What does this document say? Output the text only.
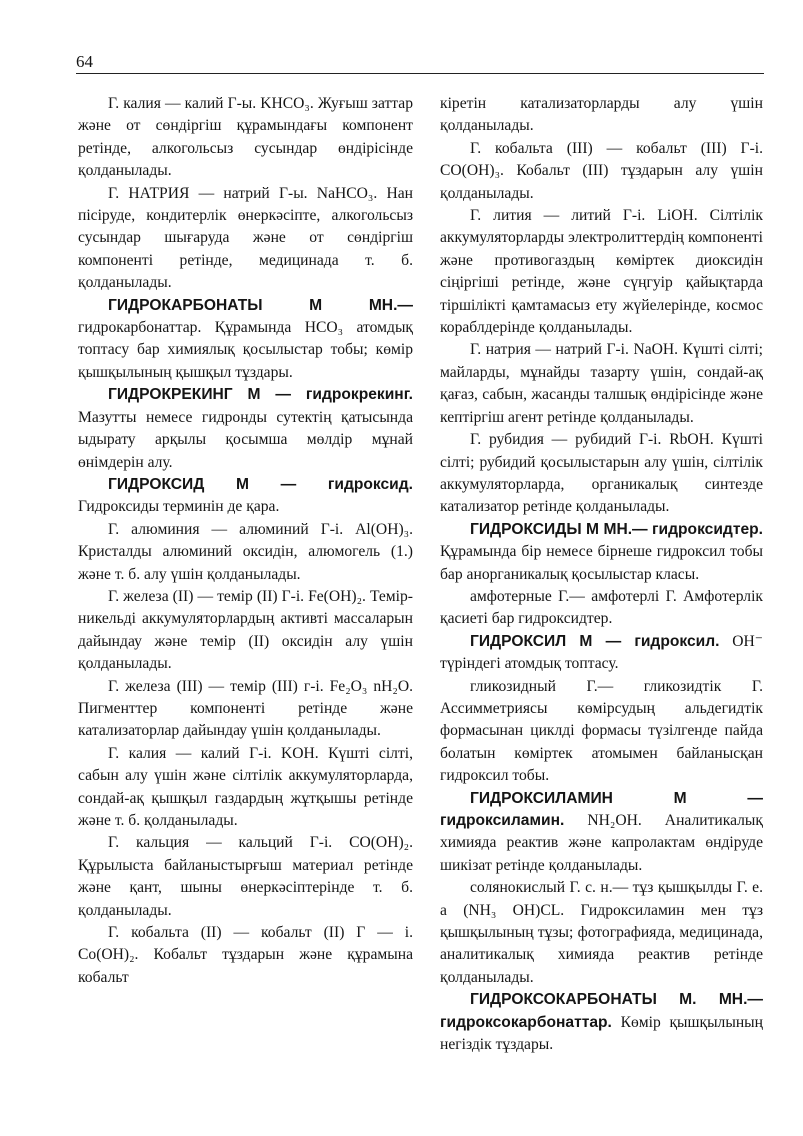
64

Г. калия — калий Г-ы. KHCO₃. Жуғыш заттар және от сөндіргіш құрамындағы компонент ретінде, алкогольсыз сусындар өндірісінде қолданылады.

Г. НАТРИЯ — натрий Г-ы. NaHCO₃. Нан пісіруде, кондитерлік өнеркәсіпте, алкогольсыз сусындар шығаруда және от сөндіргіш компоненті ретінде, медицинада т. б. қолданылады.

ГИДРОКАРБОНАТЫ М МН.— гидрокарбонаттар. Құрамында HCO₃ атомдық топтасу бар химиялық қосылыстар тобы; көмір қышқылының қышқыл тұздары.

ГИДРОКРЕКИНГ М — гидрокрекинг. Мазутты немесе гидронды сутектің қатысында ыдырату арқылы қосымша мөлдір мұнай өнімдерін алу.

ГИДРОКСИД М — гидроксид. Гидроксиды терминін де қара.

Г. алюминия — алюминий Г-і. Al(OH)₃. Кристалды алюминий оксидін, алюмогель (1.) және т. б. алу үшін қолданылады.

Г. железа (II) — темір (II) Г-і. Fe(OH)₂. Темір-никельді аккумуляторлардың активті массаларын дайындау және темір (II) оксидін алу үшін қолданылады.

Г. железа (III) — темір (III) г-і. Fe₂O₃ nH₂O. Пигменттер компоненті ретінде және катализаторлар дайындау үшін қолданылады.

Г. калия — калий Г-і. KOH. Күшті сілті, сабын алу үшін және сілтілік аккумуляторларда, сондай-ақ қышқыл газдардың жұтқышы ретінде және т. б. қолданылады.

Г. кальция — кальций Г-і. CO(OH)₂. Құрылыста байланыстырғыш материал ретінде және қант, шыны өнеркәсіптерінде т. б. қолданылады.

Г. кобальта (II) — кобальт (II) Г — і. Co(OH)₂. Кобальт тұздарын және құрамына кобальт

кіретін катализаторларды алу үшін қолданылады.

Г. кобальта (III) — кобальт (III) Г-і. CO(OH)₃. Кобальт (III) тұздарын алу үшін қолданылады.

Г. лития — литий Г-і. LiOH. Сілтілік аккумуляторларды электролиттердің компоненті және противогаздың көміртек диоксидін сіңіргіші ретінде, және сүңгуір қайықтарда тіршілікті қамтамасыз ету жүйелерінде, космос кораблдерінде қолданылады.

Г. натрия — натрий Г-і. NaOH. Күшті сілті; майларды, мұнайды тазарту үшін, сондай-ақ қағаз, сабын, жасанды талшық өндірісінде және кептіргіш агент ретінде қолданылады.

Г. рубидия — рубидий Г-і. RbOH. Күшті сілті; рубидий қосылыстарын алу үшін, сілтілік аккумуляторларда, органикалық синтезде катализатор ретінде қолданылады.

ГИДРОКСИДЫ М МН.— гидроксидтер. Құрамында бір немесе бірнеше гидроксил тобы бар анорганикалық қосылыстар класы.

амфотерные Г.— амфотерлі Г. Амфотерлік қасиеті бар гидроксидтер.

ГИДРОКСИЛ М — гидроксил. OH⁻ түріндегі атомдық топтасу.

гликозидный Г.— гликозидтік Г. Ассимметриясы көмірсудың альдегидтік формасынан циклді формасы түзілгенде пайда болатын көміртек атомымен байланысқан гидроксил тобы.

ГИДРОКСИЛАМИН М — гидроксиламин. NH₂OH. Аналитикалық химияда реактив және капролактам өндіруде шикізат ретінде қолданылады.

солянокислый Г. с. н.— тұз қышқылды Г. е. а (NH₃ OH)CL. Гидроксиламин мен тұз қышқылының тұзы; фотографияда, медицинада, аналитикалық химияда реактив ретінде қолданылады.

ГИДРОКСОКАРБОНАТЫ М. МН.— гидроксокарбонаттар. Көмір қышқылының негіздік тұздары.
